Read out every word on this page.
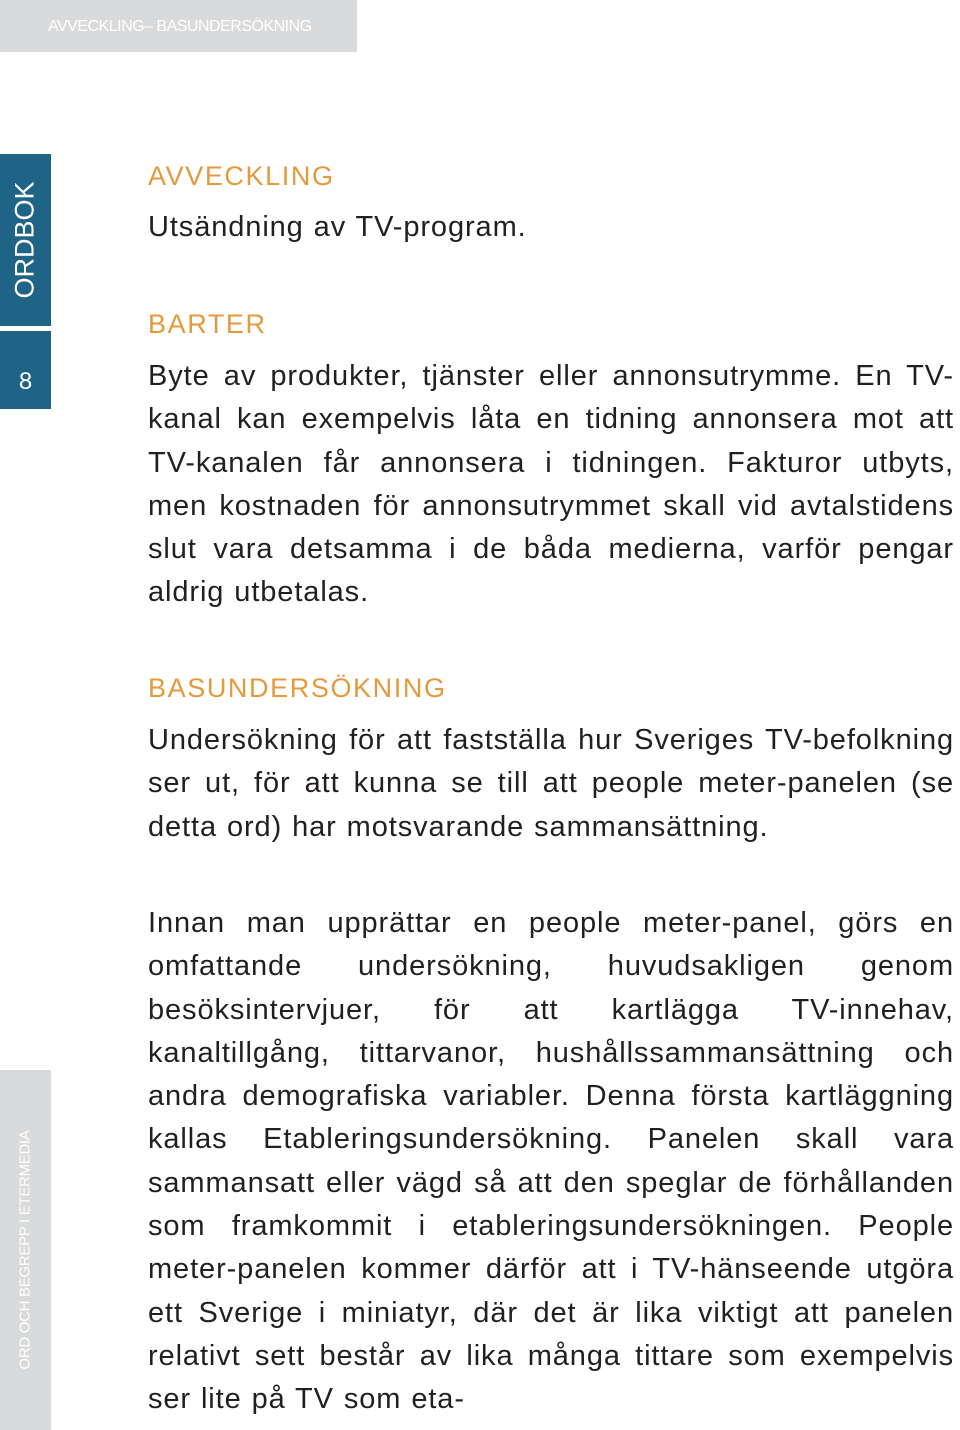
AVVECKLING– BASUNDERSÖKNING
ORDBOK
8
ORD OCH BEGREPP I ETERMEDIA
AVVECKLING
Utsändning av TV-program.
BARTER
Byte av produkter, tjänster eller annonsutrymme. En TV-kanal kan exempelvis låta en tidning annonsera mot att TV-kanalen får annonsera i tidningen. Fakturor utbyts, men kostnaden för annonsutrymmet skall vid avtalstidens slut vara detsamma i de båda medierna, varför pengar aldrig utbetalas.
BASUNDERSÖKNING
Undersökning för att fastställa hur Sveriges TV-befolkning ser ut, för att kunna se till att people meter-panelen (se detta ord) har motsvarande sammansättning.
Innan man upprättar en people meter-panel, görs en omfattande undersökning, huvudsakligen genom besöksintervjuer, för att kartlägga TV-innehav, kanaltillgång, tittarvanor, hushållssammansättning och andra demografiska variabler. Denna första kartläggning kallas Etableringsundersökning. Panelen skall vara sammansatt eller vägd så att den speglar de förhållanden som framkommit i etableringsundersökningen. People meter-panelen kommer därför att i TV-hänseende utgöra ett Sverige i miniatyr, där det är lika viktigt att panelen relativt sett består av lika många tittare som exempelvis ser lite på TV som eta-
